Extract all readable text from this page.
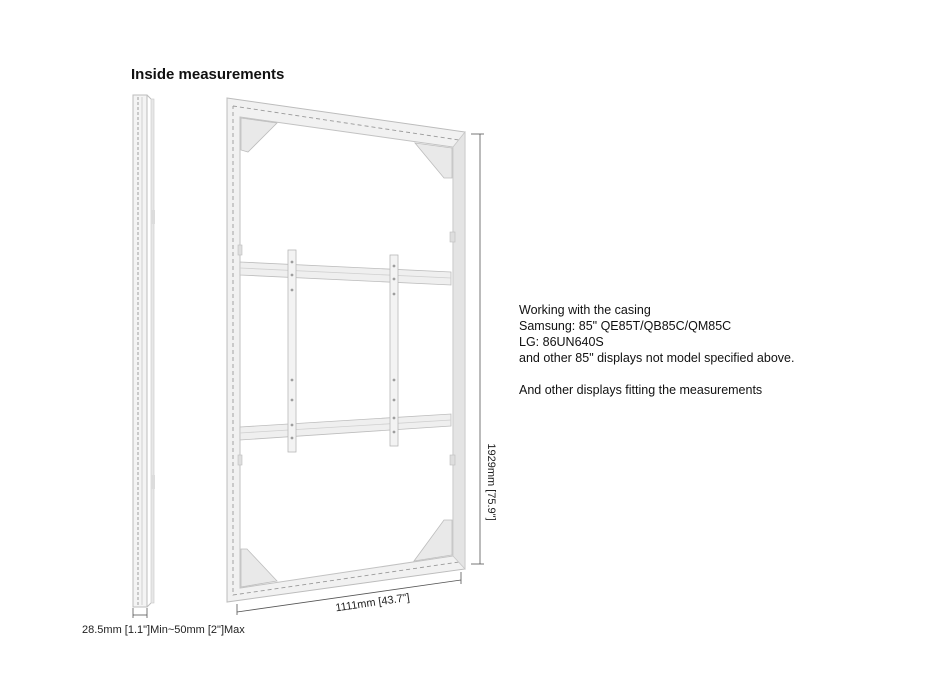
Inside measurements
1929mm [75.9"]
1111mm [43.7"]
28.5mm [1.1"]Min~50mm [2"]Max

Working with the casing

Samsung: 85" QE85T/QB85C/QM85C

LG: 86UN640S

and other 85" displays not model specified above.

And other displays fitting the measurements
